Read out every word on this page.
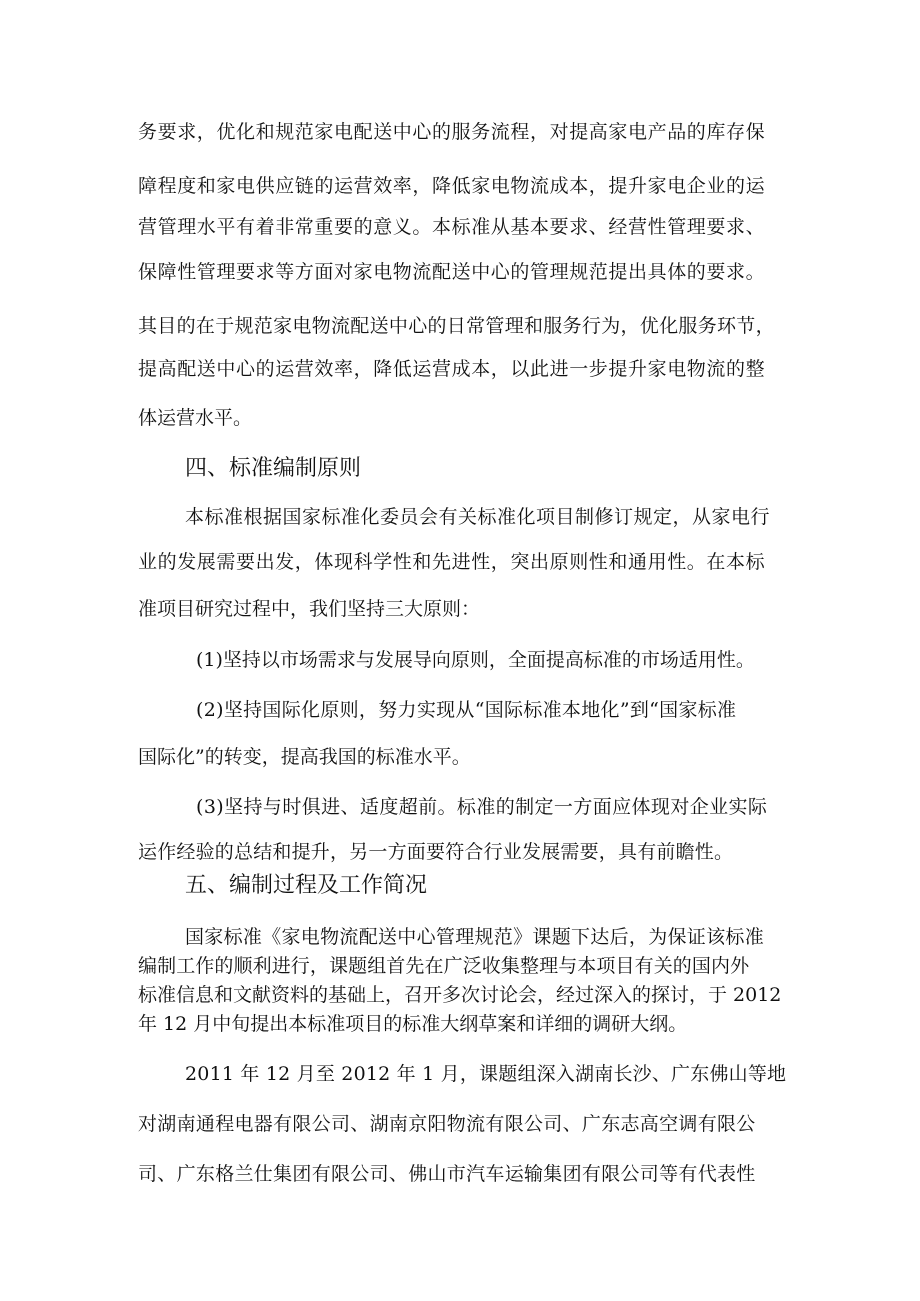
务要求，优化和规范家电配送中心的服务流程，对提高家电产品的库存保
障程度和家电供应链的运营效率，降低家电物流成本，提升家电企业的运
营管理水平有着非常重要的意义。本标准从基本要求、经营性管理要求、
保障性管理要求等方面对家电物流配送中心的管理规范提出具体的要求。
其目的在于规范家电物流配送中心的日常管理和服务行为，优化服务环节，
提高配送中心的运营效率，降低运营成本，以此进一步提升家电物流的整
体运营水平。
四、标准编制原则
本标准根据国家标准化委员会有关标准化项目制修订规定，从家电行
业的发展需要出发，体现科学性和先进性，突出原则性和通用性。在本标
准项目研究过程中，我们坚持三大原则：
(1)坚持以市场需求与发展导向原则，全面提高标准的市场适用性。
(2)坚持国际化原则，努力实现从“国际标准本地化”到“国家标准
国际化”的转变，提高我国的标准水平。
(3)坚持与时俱进、适度超前。标准的制定一方面应体现对企业实际
运作经验的总结和提升，另一方面要符合行业发展需要，具有前瞻性。
五、编制过程及工作简况
国家标准《家电物流配送中心管理规范》课题下达后，为保证该标准
编制工作的顺利进行，课题组首先在广泛收集整理与本项目有关的国内外
标准信息和文献资料的基础上，召开多次讨论会，经过深入的探讨，于 2012
年 12 月中旬提出本标准项目的标准大纲草案和详细的调研大纲。
2011 年 12 月至 2012 年 1 月，课题组深入湖南长沙、广东佛山等地
对湖南通程电器有限公司、湖南京阳物流有限公司、广东志高空调有限公
司、广东格兰仕集团有限公司、佛山市汽车运输集团有限公司等有代表性
